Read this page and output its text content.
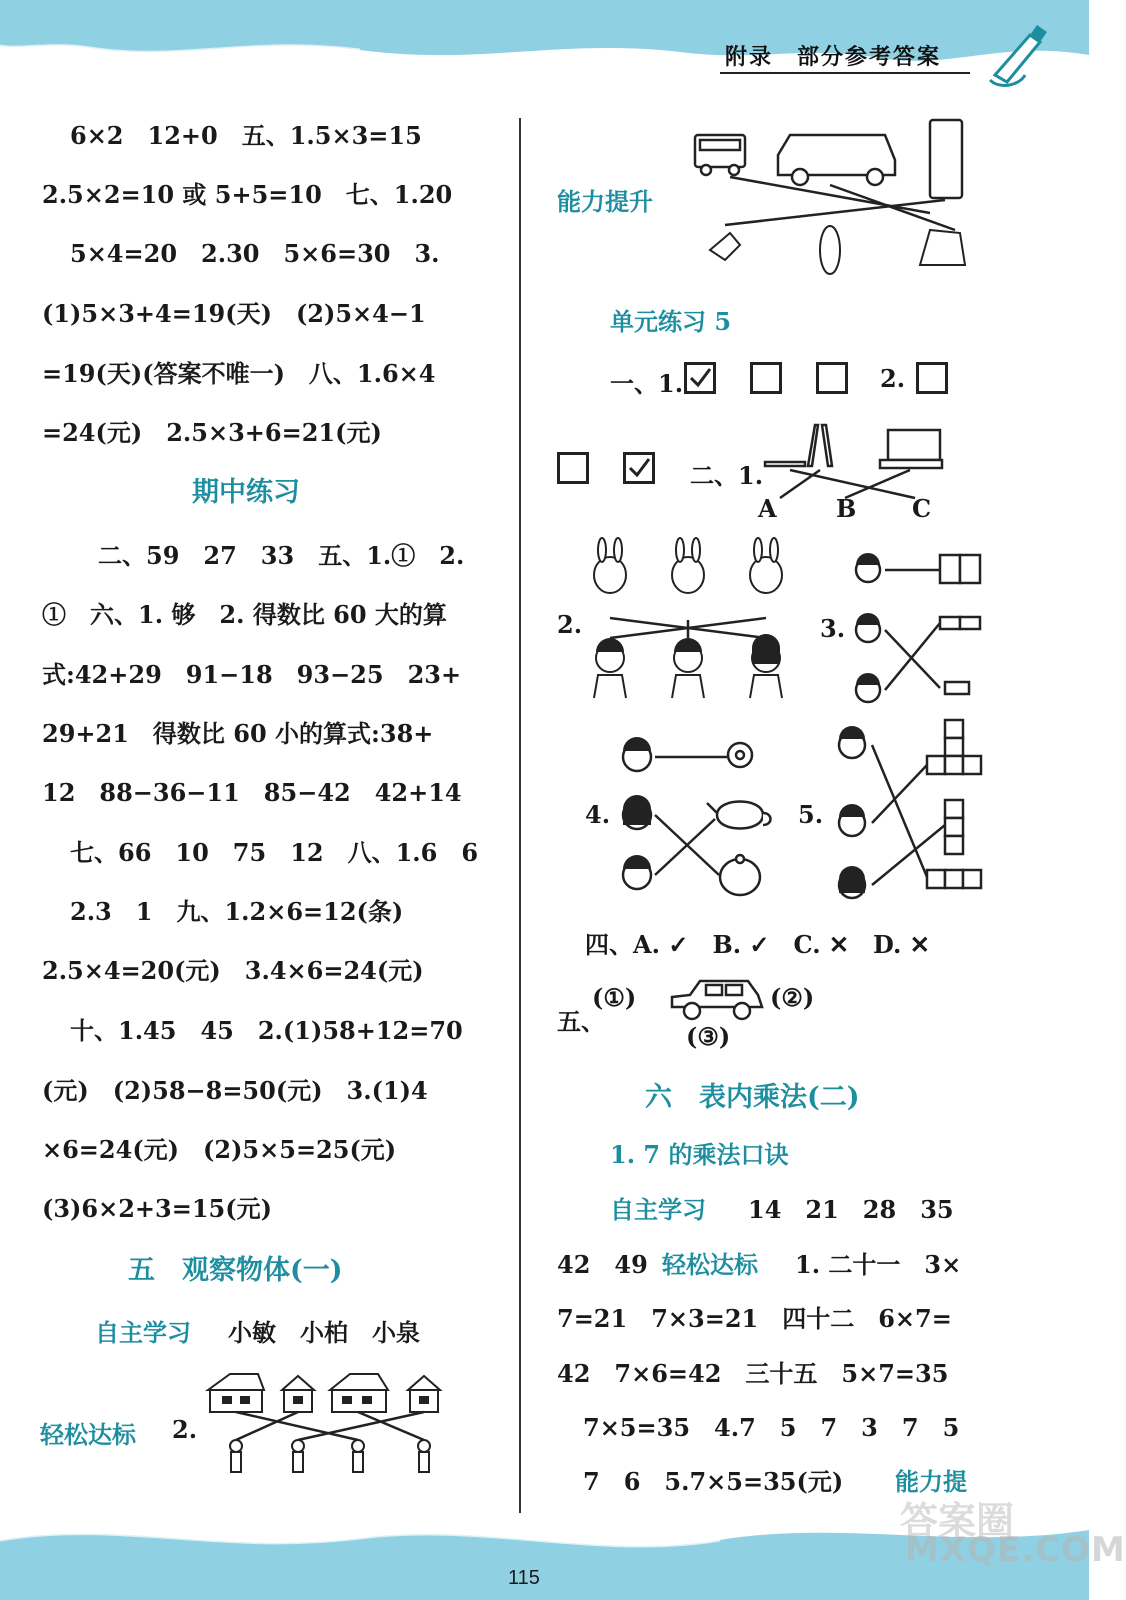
附录　部分参考答案
6×2　12+0　五、1.5×3=15
2.5×2=10 或 5+5=10　七、1.20
5×4=20　2.30　5×6=30　3.
(1)5×3+4=19(天)　(2)5×4−1
=19(天)(答案不唯一)　八、1.6×4
=24(元)　2.5×3+6=21(元)
期中练习
二、59　27　33　五、1.①　2.
①　六、1. 够　2. 得数比 60 大的算
式:42+29　91−18　93−25　23+
29+21　得数比 60 小的算式:38+
12　88−36−11　85−42　42+14
七、66　10　75　12　八、1.6　6
2.3　1　九、1.2×6=12(条)
2.5×4=20(元)　3.4×6=24(元)
十、1.45　45　2.(1)58+12=70
(元)　(2)58−8=50(元)　3.(1)4
×6=24(元)　(2)5×5=25(元)
(3)6×2+3=15(元)
五　观察物体(一)
自主学习 小敏　小柏　小泉
轻松达标 2.
能力提升
单元练习 5
一、1.	2.
二、1.
A B C
2.	3.
4.	5.
四、A. ✓　B. ✓　C. ✕　D. ✕
五、
(①)	(②)
(③)
六　表内乘法(二)
1. 7 的乘法口诀
自主学习 14　21　28　35
42　49 轻松达标 1. 二十一　3×
7=21　7×3=21　四十二　6×7=
42　7×6=42　三十五　5×7=35
7×5=35　4.7　5　7　3　7　5
7　6　5.7×5=35(元) 能力提
115
答案圈
MXQE.COM
